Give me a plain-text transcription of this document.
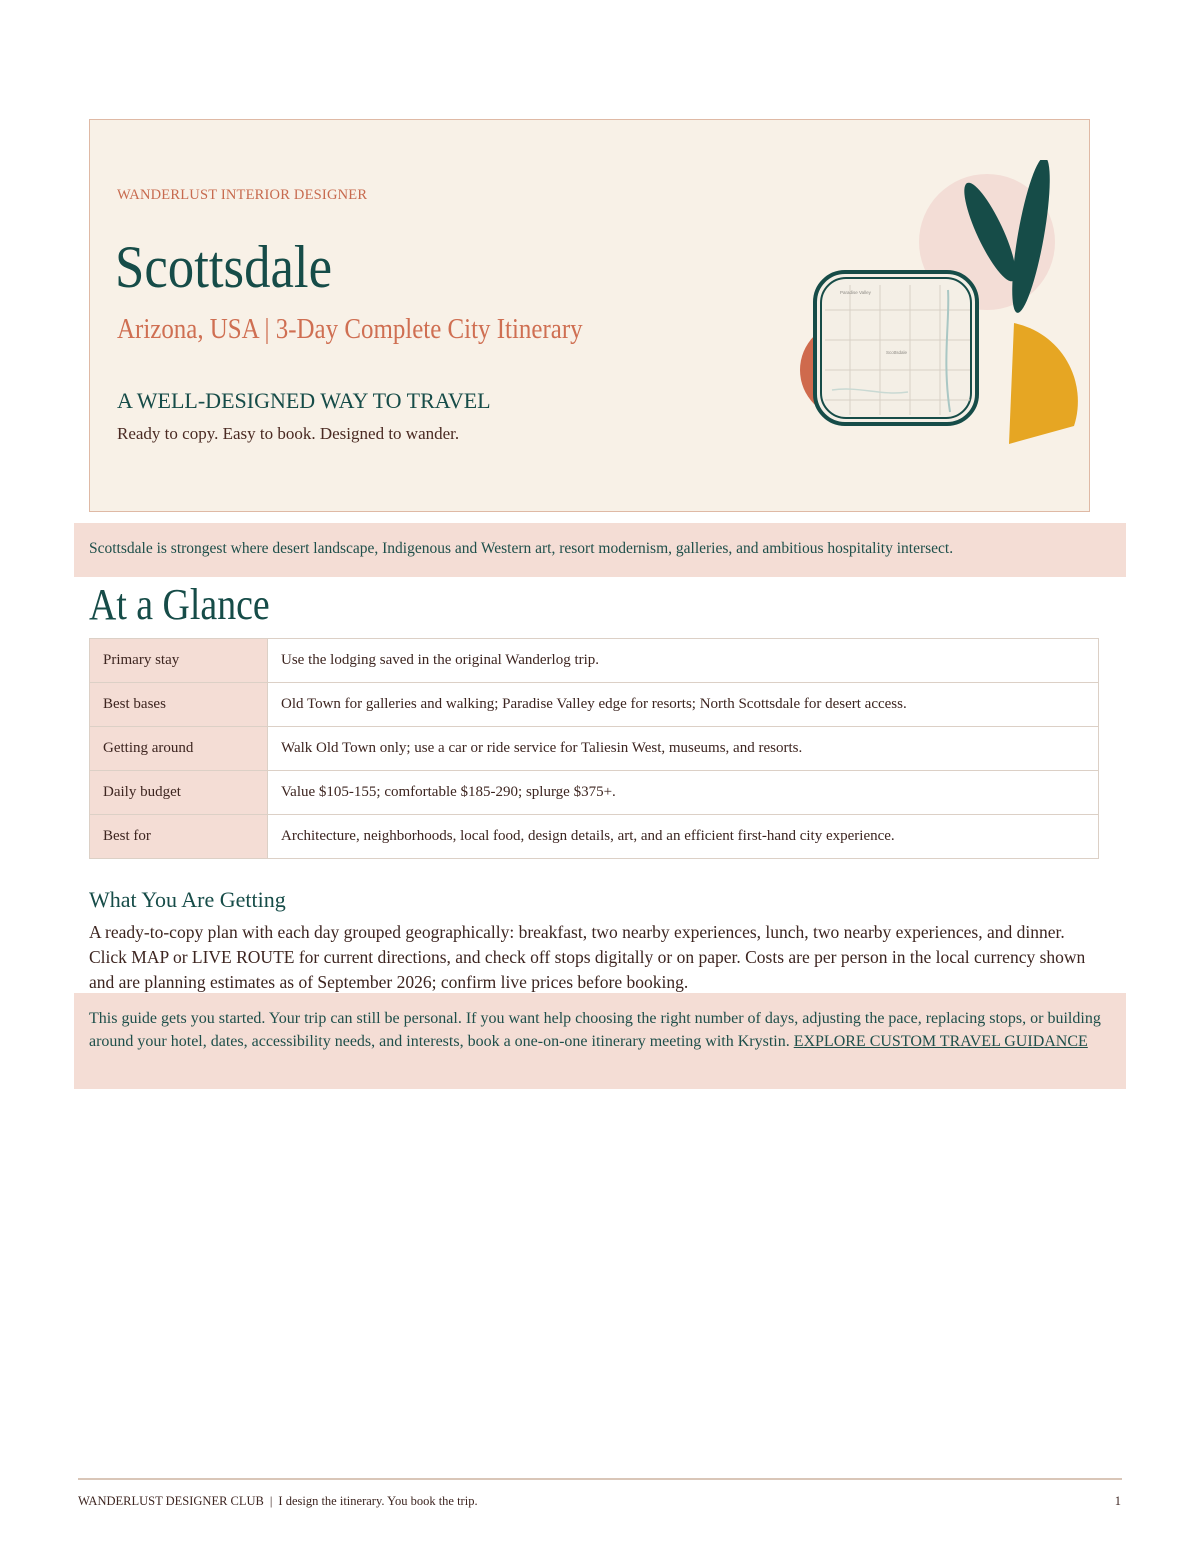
WANDERLUST INTERIOR DESIGNER
Scottsdale
Arizona, USA | 3-Day Complete City Itinerary
A WELL-DESIGNED WAY TO TRAVEL
Ready to copy. Easy to book. Designed to wander.
Paradise Valley
Scottsdale
Scottsdale is strongest where desert landscape, Indigenous and Western art, resort modernism, galleries, and ambitious hospitality intersect.
At a Glance
Primary stay	Use the lodging saved in the original Wanderlog trip.
Best bases	Old Town for galleries and walking; Paradise Valley edge for resorts; North Scottsdale for desert access.
Getting around	Walk Old Town only; use a car or ride service for Taliesin West, museums, and resorts.
Daily budget	Value $105-155; comfortable $185-290; splurge $375+.
Best for	Architecture, neighborhoods, local food, design details, art, and an efficient first-hand city experience.
What You Are Getting
A ready-to-copy plan with each day grouped geographically: breakfast, two nearby experiences, lunch, two nearby experiences, and dinner. Click MAP or LIVE ROUTE for current directions, and check off stops digitally or on paper. Costs are per person in the local currency shown and are planning estimates as of September 2026; confirm live prices before booking.
This guide gets you started. Your trip can still be personal. If you want help choosing the right number of days, adjusting the pace, replacing stops, or building around your hotel, dates, accessibility needs, and interests, book a one-on-one itinerary meeting with Krystin. EXPLORE CUSTOM TRAVEL GUIDANCE
WANDERLUST DESIGNER CLUB | I design the itinerary. You book the trip.	1
